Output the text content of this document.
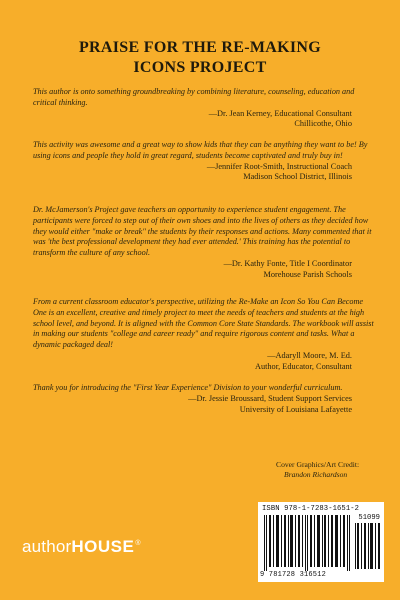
PRAISE FOR THE RE-MAKING
ICONS PROJECT

This author is onto something groundbreaking by combining literature, counseling, education and critical thinking.

—Dr. Jean Kerney, Educational Consultant
Chillicothe, Ohio

This activity was awesome and a great way to show kids that they can be anything they want to be! By using icons and people they hold in great regard, students become captivated and truly buy in!

—Jennifer Root-Smith, Instructional Coach
Madison School District, Illinois

Dr. McJamerson's Project gave teachers an opportunity to experience student engagement. The participants were forced to step out of their own shoes and into the lives of others as they decided how they would either "make or break" the students by their responses and actions. Many commented that it was 'the best professional development they had ever attended.' This training has the potential to transform the culture of any school.

—Dr. Kathy Fonte, Title I Coordinator
Morehouse Parish Schools

From a current classroom educator's perspective, utilizing the Re-Make an Icon So You Can Become One is an excellent, creative and timely project to meet the needs of teachers and students at the high school level, and beyond. It is aligned with the Common Core State Standards. The workbook will assist in making our students "college and career ready" and require rigorous content and tasks. What a dynamic packaged deal!

—Adaryll Moore, M. Ed.
Author, Educator, Consultant

Thank you for introducing the "First Year Experience" Division to your wonderful curriculum.

—Dr. Jessie Broussard, Student Support Services
University of Louisiana Lafayette
Cover Graphics/Art Credit:
Brandon Richardson
authorHOUSE®
ISBN 978-1-7283-1651-2
51099
9 781728 316512
